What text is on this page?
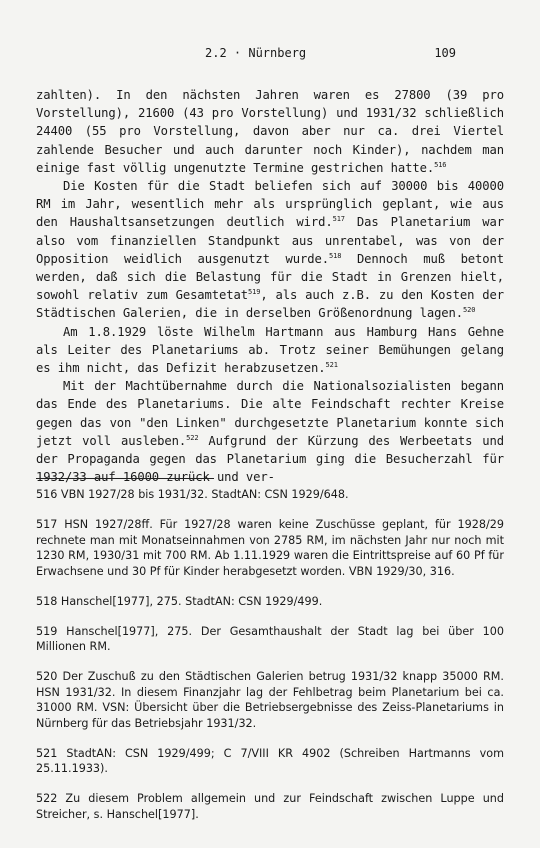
2.2 · Nürnberg	109

zahlten). In den nächsten Jahren waren es 27800 (39 pro Vorstellung), 21600 (43 pro Vorstellung) und 1931/32 schließlich 24400 (55 pro Vorstellung, davon aber nur ca. drei Viertel zahlende Besucher und auch darunter noch Kinder), nachdem man einige fast völlig ungenutzte Termine gestrichen hatte.$^{516}$

Die Kosten für die Stadt beliefen sich auf 30000 bis 40000 RM im Jahr, wesentlich mehr als ursprünglich geplant, wie aus den Haushaltsansetzungen deutlich wird.$^{517}$ Das Planetarium war also vom finanziellen Standpunkt aus unrentabel, was von der Opposition weidlich ausgenutzt wurde.$^{518}$ Dennoch muß betont werden, daß sich die Belastung für die Stadt in Grenzen hielt, sowohl relativ zum Gesamtetat$^{519}$, als auch z.B. zu den Kosten der Städtischen Galerien, die in derselben Größenordnung lagen.$^{520}$

Am 1.8.1929 löste Wilhelm Hartmann aus Hamburg Hans Gehne als Leiter des Planetariums ab. Trotz seiner Bemühungen gelang es ihm nicht, das Defizit herabzusetzen.$^{521}$

Mit der Machtübernahme durch die Nationalsozialisten begann das Ende des Planetariums. Die alte Feindschaft rechter Kreise gegen das von "den Linken" durchgesetzte Planetarium konnte sich jetzt voll ausleben.$^{522}$ Aufgrund der Kürzung des Werbeetats und der Propaganda gegen das Planetarium ging die Besucherzahl für 1932/33 auf 16000 zurück und ver-

516 VBN 1927/28 bis 1931/32. StadtAN: CSN 1929/648.

517 HSN 1927/28ff. Für 1927/28 waren keine Zuschüsse geplant, für 1928/29 rechnete man mit Monatseinnahmen von 2785 RM, im nächsten Jahr nur noch mit 1230 RM, 1930/31 mit 700 RM. Ab 1.11.1929 waren die Eintrittspreise auf 60 Pf für Erwachsene und 30 Pf für Kinder herabgesetzt worden. VBN 1929/30, 316.

518 Hanschel[1977], 275. StadtAN: CSN 1929/499.

519 Hanschel[1977], 275. Der Gesamthaushalt der Stadt lag bei über 100 Millionen RM.

520 Der Zuschuß zu den Städtischen Galerien betrug 1931/32 knapp 35000 RM. HSN 1931/32. In diesem Finanzjahr lag der Fehlbetrag beim Planetarium bei ca. 31000 RM. VSN: Übersicht über die Betriebsergebnisse des Zeiss-Planetariums in Nürnberg für das Betriebsjahr 1931/32.

521 StadtAN: CSN 1929/499; C 7/VIII KR 4902 (Schreiben Hartmanns vom 25.11.1933).

522 Zu diesem Problem allgemein und zur Feindschaft zwischen Luppe und Streicher, s. Hanschel[1977].
